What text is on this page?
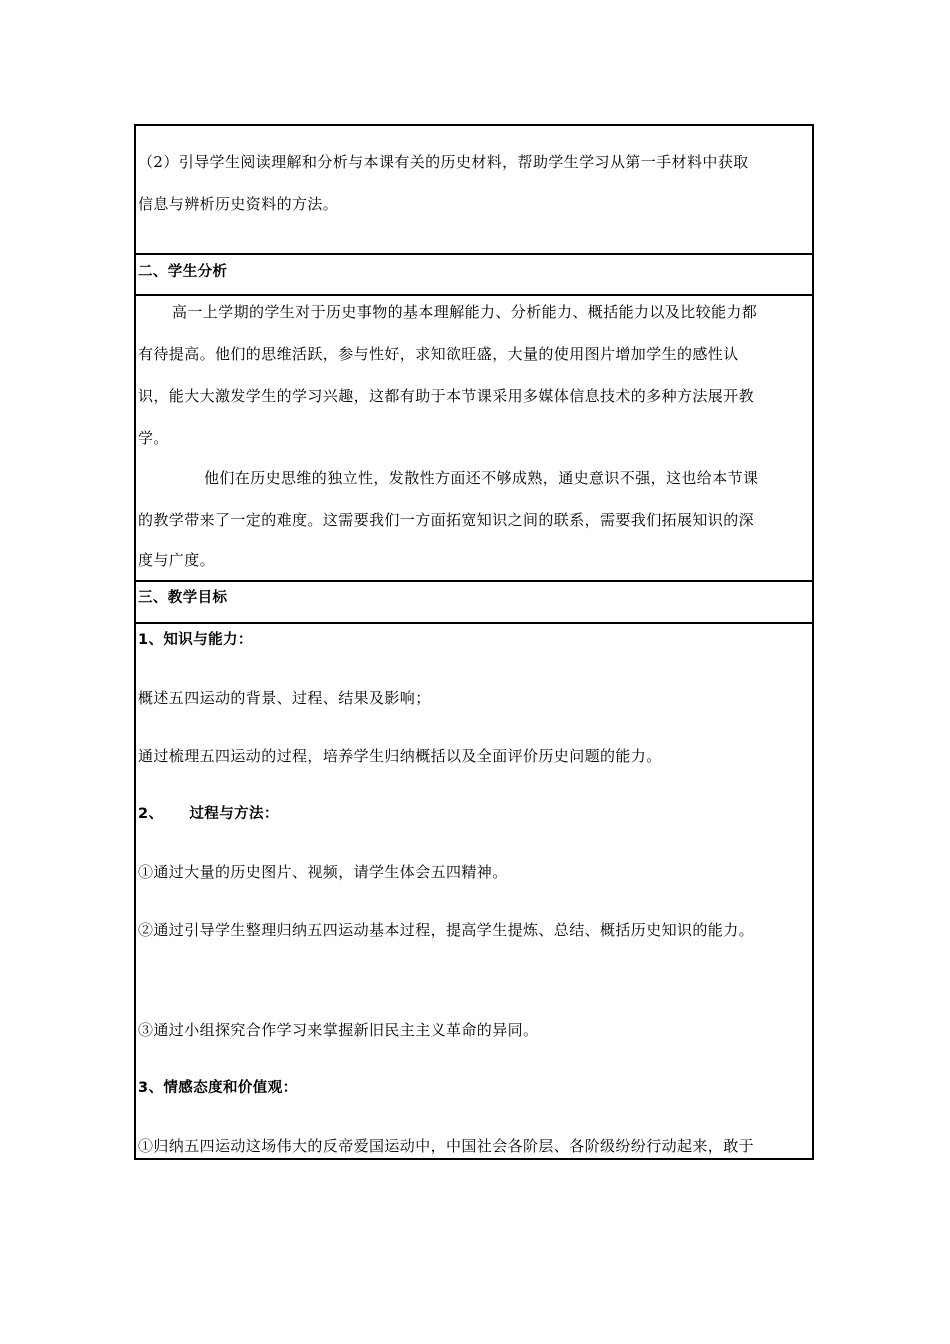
（2）引导学生阅读理解和分析与本课有关的历史材料，帮助学生学习从第一手材料中获取
信息与辨析历史资料的方法。
二、学生分析
高一上学期的学生对于历史事物的基本理解能力、分析能力、概括能力以及比较能力都
有待提高。他们的思维活跃，参与性好，求知欲旺盛，大量的使用图片增加学生的感性认
识，能大大激发学生的学习兴趣，这都有助于本节课采用多媒体信息技术的多种方法展开教
学。
他们在历史思维的独立性，发散性方面还不够成熟，通史意识不强，这也给本节课
的教学带来了一定的难度。这需要我们一方面拓宽知识之间的联系，需要我们拓展知识的深
度与广度。
三、教学目标
1、知识与能力：
概述五四运动的背景、过程、结果及影响；
通过梳理五四运动的过程，培养学生归纳概括以及全面评价历史问题的能力。
2、 过程与方法：
①通过大量的历史图片、视频，请学生体会五四精神。
②通过引导学生整理归纳五四运动基本过程，提高学生提炼、总结、概括历史知识的能力。
③通过小组探究合作学习来掌握新旧民主主义革命的异同。
3、情感态度和价值观：
①归纳五四运动这场伟大的反帝爱国运动中，中国社会各阶层、各阶级纷纷行动起来，敢于
